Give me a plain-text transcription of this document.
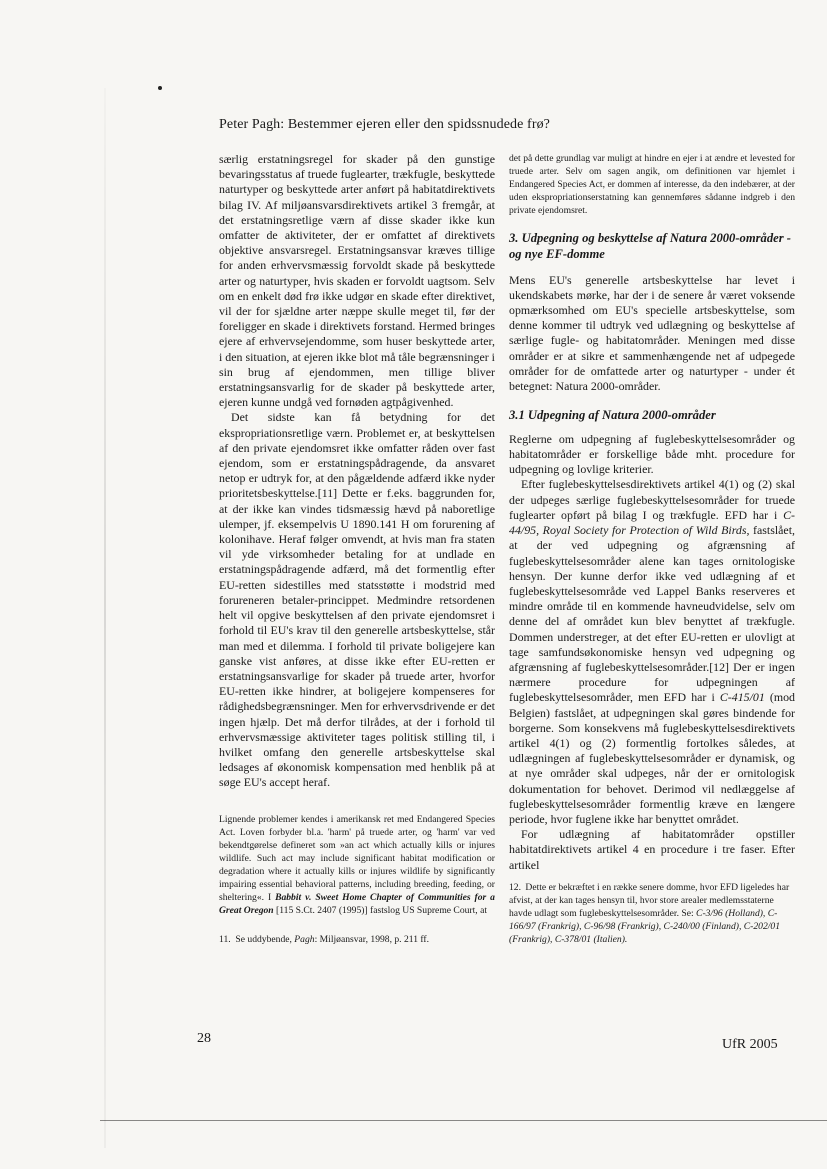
Peter Pagh: Bestemmer ejeren eller den spidssnudede frø?

særlig erstatningsregel for skader på den gunstige bevaringsstatus af truede fuglearter, trækfugle, beskyttede naturtyper og beskyttede arter anført på habitatdirektivets bilag IV. Af miljøansvarsdirektivets artikel 3 fremgår, at det erstatningsretlige værn af disse skader ikke kun omfatter de aktiviteter, der er omfattet af direktivets objektive ansvarsregel. Erstatningsansvar kræves tillige for anden erhvervsmæssig forvoldt skade på beskyttede arter og naturtyper, hvis skaden er forvoldt uagtsom. Selv om en enkelt død frø ikke udgør en skade efter direktivet, vil der for sjældne arter næppe skulle meget til, før der foreligger en skade i direktivets forstand. Hermed bringes ejere af erhvervsejendomme, som huser beskyttede arter, i den situation, at ejeren ikke blot må tåle begrænsninger i sin brug af ejendommen, men tillige bliver erstatningsansvarlig for de skader på beskyttede arter, ejeren kunne undgå ved fornøden agtpågivenhed.

Det sidste kan få betydning for det ekspropriationsretlige værn. Problemet er, at beskyttelsen af den private ejendomsret ikke omfatter råden over fast ejendom, som er erstatningspådragende, da ansvaret netop er udtryk for, at den pågældende adfærd ikke nyder prioritetsbeskyttelse.[11] Dette er f.eks. baggrunden for, at der ikke kan vindes tidsmæssig hævd på naboretlige ulemper, jf. eksempelvis U 1890.141 H om forurening af kolonihave. Heraf følger omvendt, at hvis man fra staten vil yde virksomheder betaling for at undlade en erstatningspådragende adfærd, må det formentlig efter EU-retten sidestilles med statsstøtte i modstrid med forureneren betaler-princippet. Medmindre retsordenen helt vil opgive beskyttelsen af den private ejendomsret i forhold til EU's krav til den generelle artsbeskyttelse, står man med et dilemma. I forhold til private boligejere kan ganske vist anføres, at disse ikke efter EU-retten er erstatningsansvarlige for skader på truede arter, hvorfor EU-retten ikke hindrer, at boligejere kompenseres for rådighedsbegrænsninger. Men for erhvervsdrivende er det ingen hjælp. Det må derfor tilrådes, at der i forhold til erhvervsmæssige aktiviteter tages politisk stilling til, i hvilket omfang den generelle artsbeskyttelse skal ledsages af økonomisk kompensation med henblik på at søge EU's accept heraf.

Lignende problemer kendes i amerikansk ret med Endangered Species Act. Loven forbyder bl.a. 'harm' på truede arter, og 'harm' var ved bekendtgørelse defineret som »an act which actually kills or injures wildlife. Such act may include significant habitat modification or degradation where it actually kills or injures wildlife by significantly impairing essential behavioral patterns, including breeding, feeding, or sheltering«. I Babbit v. Sweet Home Chapter of Communities for a Great Oregon [115 S.Ct. 2407 (1995)] fastslog US Supreme Court, at
11. Se uddybende, Pagh: Miljøansvar, 1998, p. 211 ff.
det på dette grundlag var muligt at hindre en ejer i at ændre et levested for truede arter. Selv om sagen angik, om definitionen var hjemlet i Endangered Species Act, er dommen af interesse, da den indebærer, at der uden ekspropriationserstatning kan gennemføres sådanne indgreb i den private ejendomsret.

3. Udpegning og beskyttelse af Natura 2000-områder - og nye EF-domme

Mens EU's generelle artsbeskyttelse har levet i ukendskabets mørke, har der i de senere år været voksende opmærksomhed om EU's specielle artsbeskyttelse, som denne kommer til udtryk ved udlægning og beskyttelse af særlige fugle- og habitatområder. Meningen med disse områder er at sikre et sammenhængende net af udpegede områder for de omfattede arter og naturtyper - under ét betegnet: Natura 2000-områder.

3.1 Udpegning af Natura 2000-områder

Reglerne om udpegning af fuglebeskyttelsesområder og habitatområder er forskellige både mht. procedure for udpegning og lovlige kriterier.

Efter fuglebeskyttelsesdirektivets artikel 4(1) og (2) skal der udpeges særlige fuglebeskyttelsesområder for truede fuglearter opført på bilag I og trækfugle. EFD har i C-44/95, Royal Society for Protection of Wild Birds, fastslået, at der ved udpegning og afgrænsning af fuglebeskyttelsesområder alene kan tages ornitologiske hensyn. Der kunne derfor ikke ved udlægning af et fuglebeskyttelsesområde ved Lappel Banks reserveres et mindre område til en kommende havneudvidelse, selv om denne del af området kun blev benyttet af trækfugle. Dommen understreger, at det efter EU-retten er ulovligt at tage samfundsøkonomiske hensyn ved udpegning og afgrænsning af fuglebeskyttelsesområder.[12] Der er ingen nærmere procedure for udpegningen af fuglebeskyttelsesområder, men EFD har i C-415/01 (mod Belgien) fastslået, at udpegningen skal gøres bindende for borgerne. Som konsekvens må fuglebeskyttelsesdirektivets artikel 4(1) og (2) formentlig fortolkes således, at udlægningen af fuglebeskyttelsesområder er dynamisk, og at nye områder skal udpeges, når der er ornitologisk dokumentation for behovet. Derimod vil nedlæggelse af fuglebeskyttelsesområder formentlig kræve en længere periode, hvor fuglene ikke har benyttet området.

For udlægning af habitatområder opstiller habitatdirektivets artikel 4 en procedure i tre faser. Efter artikel

12. Dette er bekræftet i en række senere domme, hvor EFD ligeledes har afvist, at der kan tages hensyn til, hvor store arealer medlemsstaterne havde udlagt som fuglebeskyttelsesområder. Se: C-3/96 (Holland), C-166/97 (Frankrig), C-96/98 (Frankrig), C-240/00 (Finland), C-202/01 (Frankrig), C-378/01 (Italien).
28	UfR 2005
